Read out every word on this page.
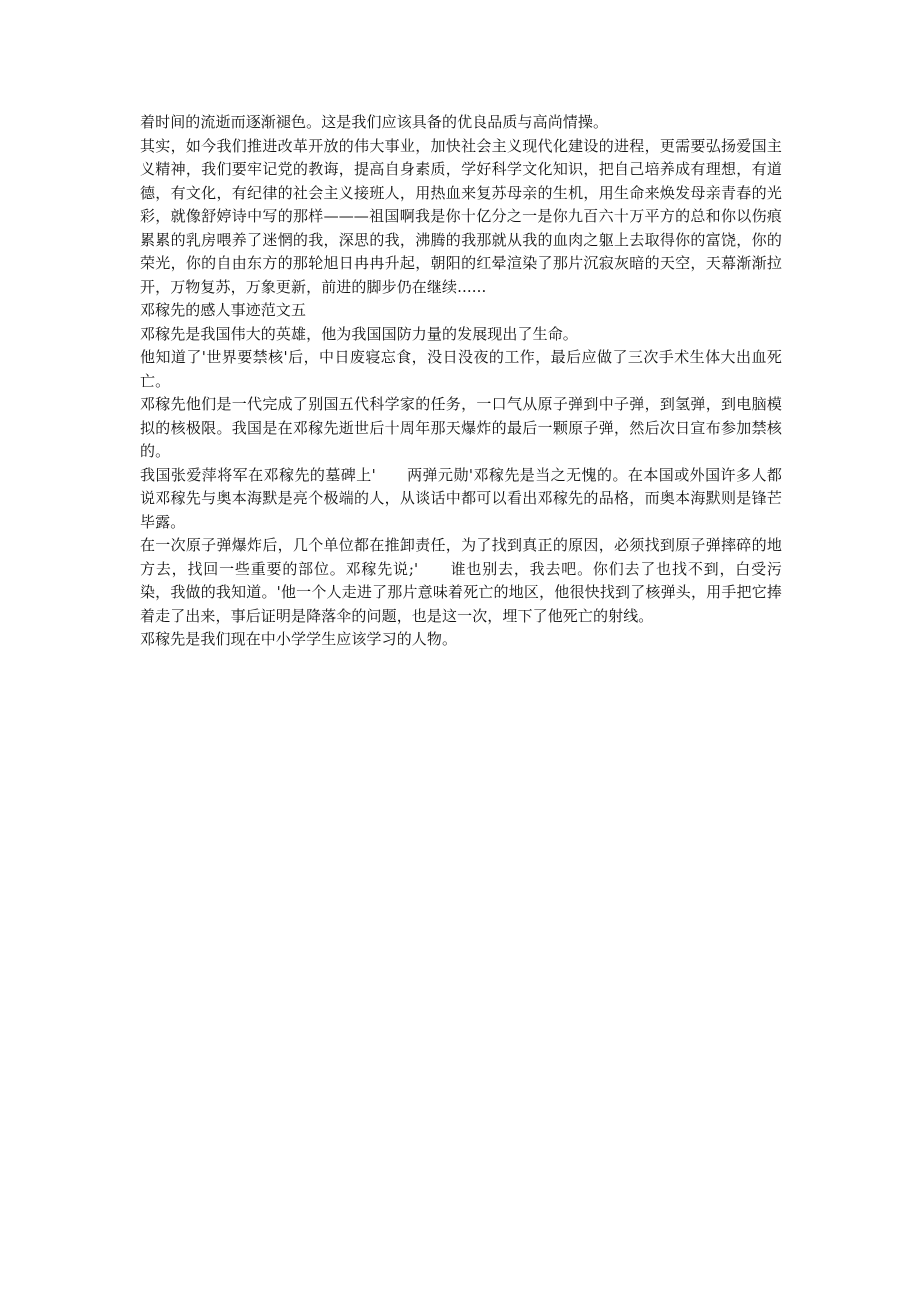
着时间的流逝而逐渐褪色。这是我们应该具备的优良品质与高尚情操。

其实，如今我们推进改革开放的伟大事业，加快社会主义现代化建设的进程，更需要弘扬爱国主义精神，我们要牢记党的教诲，提高自身素质，学好科学文化知识，把自己培养成有理想，有道德，有文化，有纪律的社会主义接班人，用热血来复苏母亲的生机，用生命来焕发母亲青春的光彩，就像舒婷诗中写的那样———祖国啊我是你十亿分之一是你九百六十万平方的总和你以伤痕累累的乳房喂养了迷惘的我，深思的我，沸腾的我那就从我的血肉之躯上去取得你的富饶，你的荣光，你的自由东方的那轮旭日冉冉升起，朝阳的红晕渲染了那片沉寂灰暗的天空，天幕渐渐拉开，万物复苏，万象更新，前进的脚步仍在继续......

邓稼先的感人事迹范文五

邓稼先是我国伟大的英雄，他为我国国防力量的发展现出了生命。

他知道了'世界要禁核'后，中日废寝忘食，没日没夜的工作，最后应做了三次手术生体大出血死亡。

邓稼先他们是一代完成了别国五代科学家的任务，一口气从原子弹到中子弹，到氢弹，到电脑模拟的核极限。我国是在邓稼先逝世后十周年那天爆炸的最后一颗原子弹，然后次日宣布参加禁核的。

我国张爱萍将军在邓稼先的墓碑上'　　两弹元勋'邓稼先是当之无愧的。在本国或外国许多人都说邓稼先与奥本海默是亮个极端的人，从谈话中都可以看出邓稼先的品格，而奥本海默则是锋芒毕露。

在一次原子弹爆炸后，几个单位都在推卸责任，为了找到真正的原因，必须找到原子弹摔碎的地方去，找回一些重要的部位。邓稼先说;'　　谁也别去，我去吧。你们去了也找不到，白受污染，我做的我知道。'他一个人走进了那片意味着死亡的地区，他很快找到了核弹头，用手把它捧着走了出来，事后证明是降落伞的问题，也是这一次，埋下了他死亡的射线。

邓稼先是我们现在中小学学生应该学习的人物。
